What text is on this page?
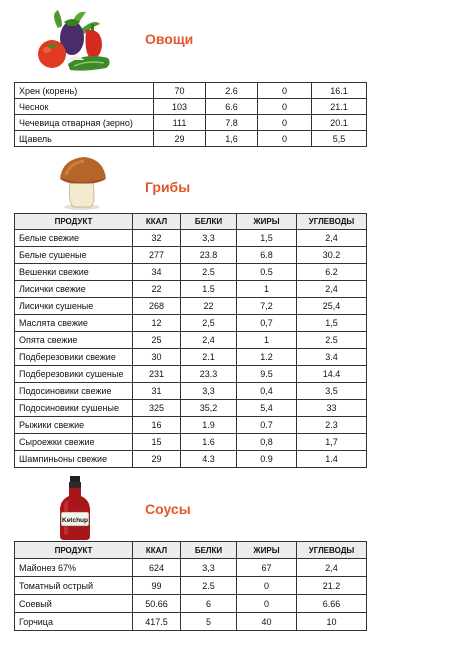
Овощи
Хрен (корень)	70	2.6	0	16.1
Чеснок	103	6.6	0	21.1
Чечевица отварная (зерно)	111	7.8	0	20.1
Щавель	29	1,6	0	5,5
Грибы
ПРОДУКТ	ККАЛ	БЕЛКИ	ЖИРЫ	УГЛЕВОДЫ
Белые свежие	32	3,3	1,5	2,4
Белые сушеные	277	23.8	6.8	30.2
Вешенки свежие	34	2.5	0.5	6.2
Лисички свежие	22	1.5	1	2,4
Лисички сушеные	268	22	7,2	25,4
Маслята свежие	12	2,5	0,7	1,5
Опята свежие	25	2,4	1	2.5
Подберезовики свежие	30	2.1	1.2	3.4
Подберезовики сушеные	231	23.3	9.5	14.4
Подосиновики свежие	31	3,3	0,4	3,5
Подосиновики сушеные	325	35,2	5,4	33
Рыжики свежие	16	1.9	0.7	2.3
Сыроежки свежие	15	1.6	0,8	1,7
Шампиньоны свежие	29	4.3	0.9	1.4
Ketchup
Соусы
ПРОДУКТ	ККАЛ	БЕЛКИ	ЖИРЫ	УГЛЕВОДЫ
Майонез 67%	624	3,3	67	2,4
Томатный острый	99	2.5	0	21.2
Соевый	50.66	6	0	6.66
Горчица	417.5	5	40	10
